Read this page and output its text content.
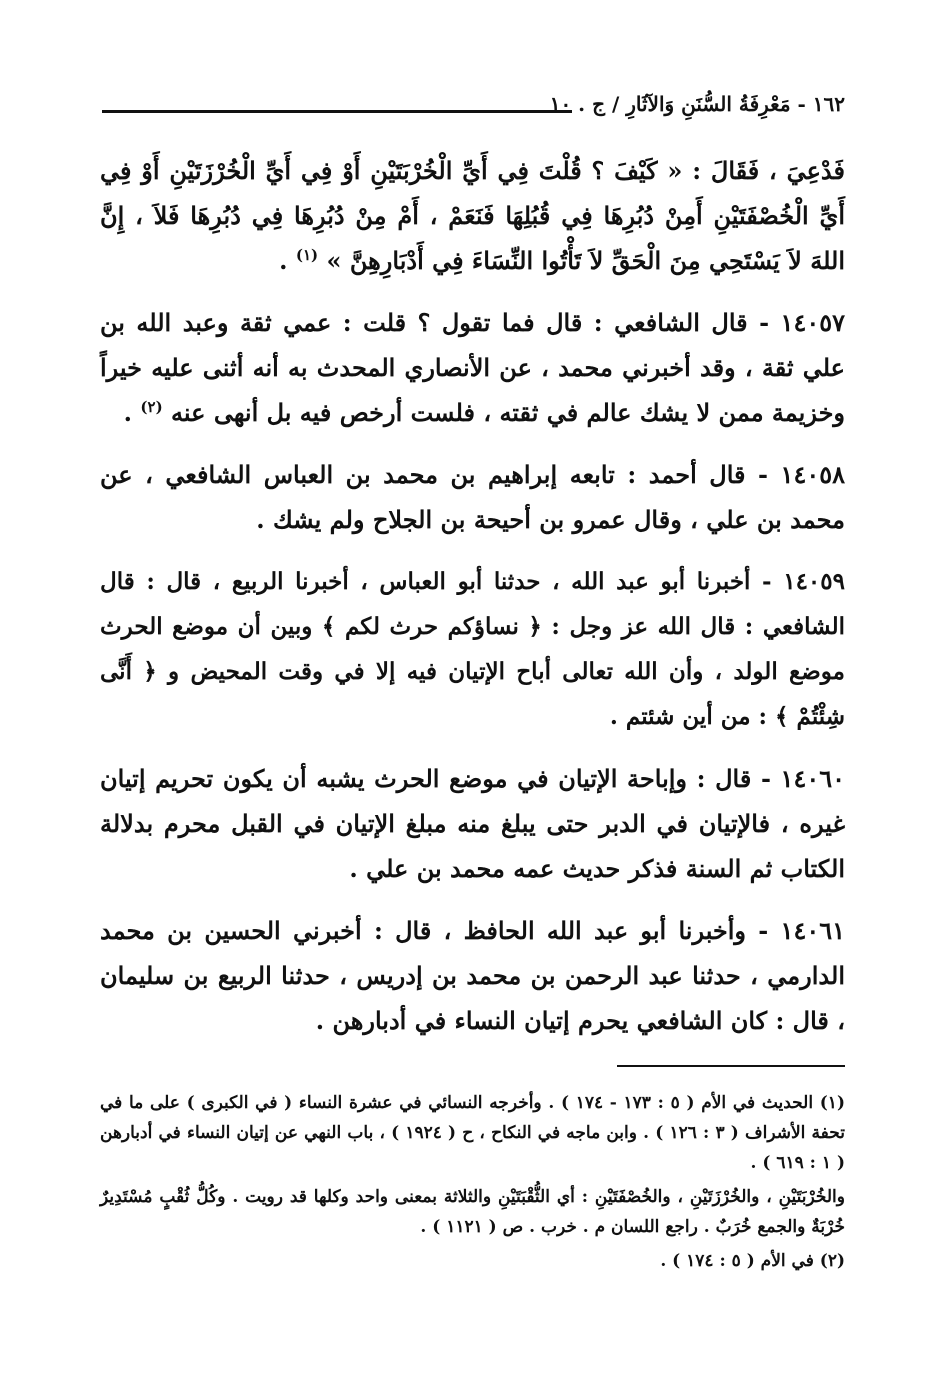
١٦٢ - مَعْرِفَةُ السُّنَنِ وَالآثَارِ / ج . ١٠

فَدْعِيَ ، فَقَالَ : « كَيْفَ ؟ قُلْتَ فِي أَيِّ الْخُرْبَتَيْنِ أَوْ فِي أَيِّ الْخُرْزَتَيْنِ أَوْ فِي أَيِّ الْخُصْفَتَيْنِ أَمِنْ دُبُرِهَا فِي قُبُلِهَا فَنَعَمْ ، أَمْ مِنْ دُبُرِهَا فِي دُبُرِهَا فَلاَ ، إِنَّ اللهَ لاَ يَسْتَحِي مِنَ الْحَقِّ لاَ تَأْتُوا النِّسَاءَ فِي أَدْبَارِهِنَّ » $^{(١)}$ .

١٤٠٥٧ - قال الشافعي : قال فما تقول ؟ قلت : عمي ثقة وعبد الله بن علي ثقة ، وقد أخبرني محمد ، عن الأنصاري المحدث به أنه أثنى عليه خيراً وخزيمة ممن لا يشك عالم في ثقته ، فلست أرخص فيه بل أنهى عنه $^{(٢)}$ .

١٤٠٥٨ - قال أحمد : تابعه إبراهيم بن محمد بن العباس الشافعي ، عن محمد بن علي ، وقال عمرو بن أحيحة بن الجلاح ولم يشك .

١٤٠٥٩ - أخبرنا أبو عبد الله ، حدثنا أبو العباس ، أخبرنا الربيع ، قال : قال الشافعي : قال الله عز وجل : ﴿ نساؤكم حرث لكم ﴾ وبين أن موضع الحرث موضع الولد ، وأن الله تعالى أباح الإتيان فيه إلا في وقت المحيض و ﴿ أَنَّى شِئْتُمْ ﴾ : من أين شئتم .

١٤٠٦٠ - قال : وإباحة الإتيان في موضع الحرث يشبه أن يكون تحريم إتيان غيره ، فالإتيان في الدبر حتى يبلغ منه مبلغ الإتيان في القبل محرم بدلالة الكتاب ثم السنة فذكر حديث عمه محمد بن علي .

١٤٠٦١ - وأخبرنا أبو عبد الله الحافظ ، قال : أخبرني الحسين بن محمد الدارمي ، حدثنا عبد الرحمن بن محمد بن إدريس ، حدثنا الربيع بن سليمان ، قال : كان الشافعي يحرم إتيان النساء في أدبارهن .

(١) الحديث في الأم ( ٥ : ١٧٣ - ١٧٤ ) . وأخرجه النسائي في عشرة النساء ( في الكبرى ) على ما في تحفة الأشراف ( ٣ : ١٢٦ ) . وابن ماجه في النكاح ، ح ( ١٩٢٤ ) ، باب النهي عن إتيان النساء في أدبارهن ( ١ : ٦١٩ ) .

والخُرْبَتَيْنِ ، والخُرْزَتَيْنِ ، والخُصْفَتَيْنِ : أي الثُّقْبَتَيْنِ والثلاثة بمعنى واحد وكلها قد رويت . وكُلُّ ثُقْبٍ مُسْتَدِيرٌ خُرْبَةٌ والجمع خُرَبٌ . راجع اللسان م . خرب . ص ( ١١٢١ ) .

(٢) في الأم ( ٥ : ١٧٤ ) .
